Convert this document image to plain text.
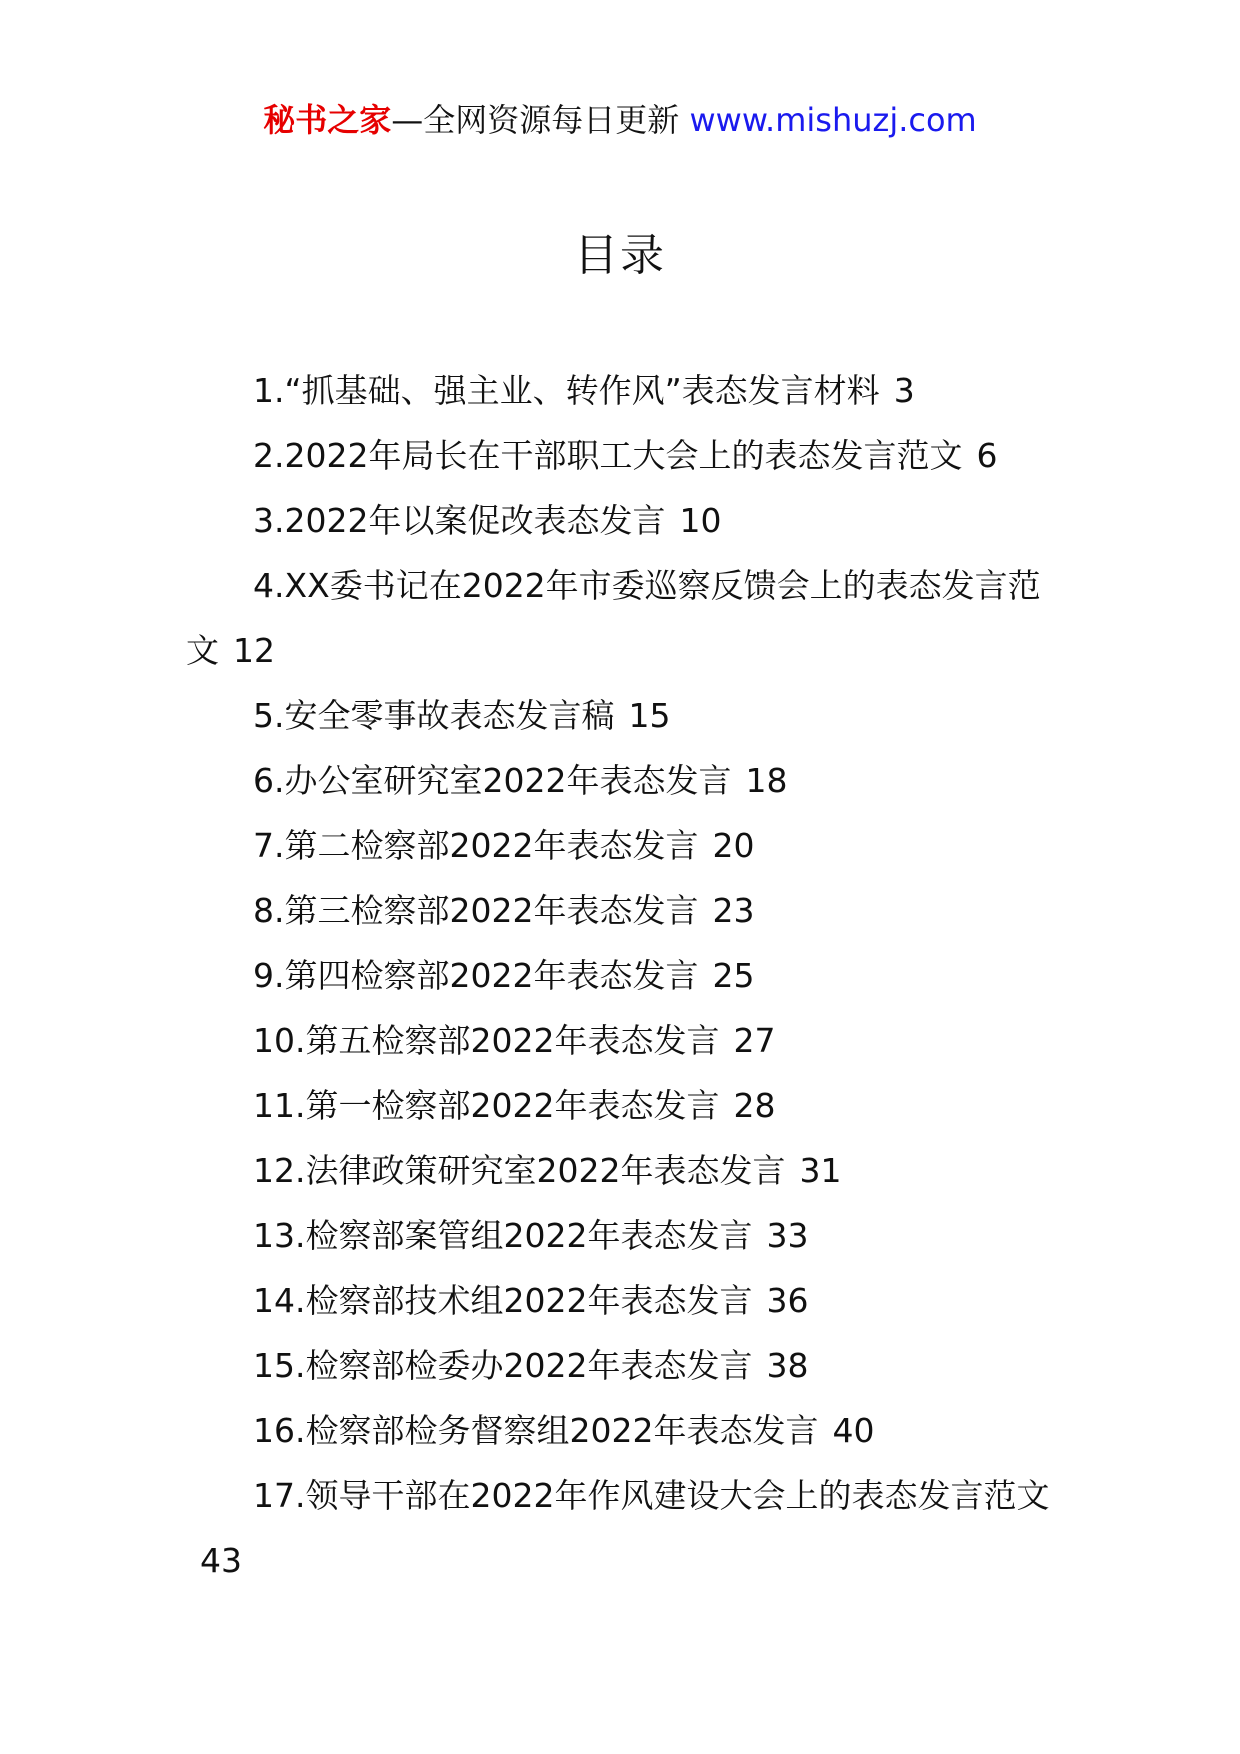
秘书之家—全网资源每日更新 www.mishuzj.com
目录
1.“抓基础、强主业、转作风”表态发言材料 3
2.2022年局长在干部职工大会上的表态发言范文 6
3.2022年以案促改表态发言 10
4.XX委书记在2022年市委巡察反馈会上的表态发言范文 12
5.安全零事故表态发言稿 15
6.办公室研究室2022年表态发言 18
7.第二检察部2022年表态发言 20
8.第三检察部2022年表态发言 23
9.第四检察部2022年表态发言 25
10.第五检察部2022年表态发言 27
11.第一检察部2022年表态发言 28
12.法律政策研究室2022年表态发言 31
13.检察部案管组2022年表态发言 33
14.检察部技术组2022年表态发言 36
15.检察部检委办2022年表态发言 38
16.检察部检务督察组2022年表态发言 40
17.领导干部在2022年作风建设大会上的表态发言范文43
